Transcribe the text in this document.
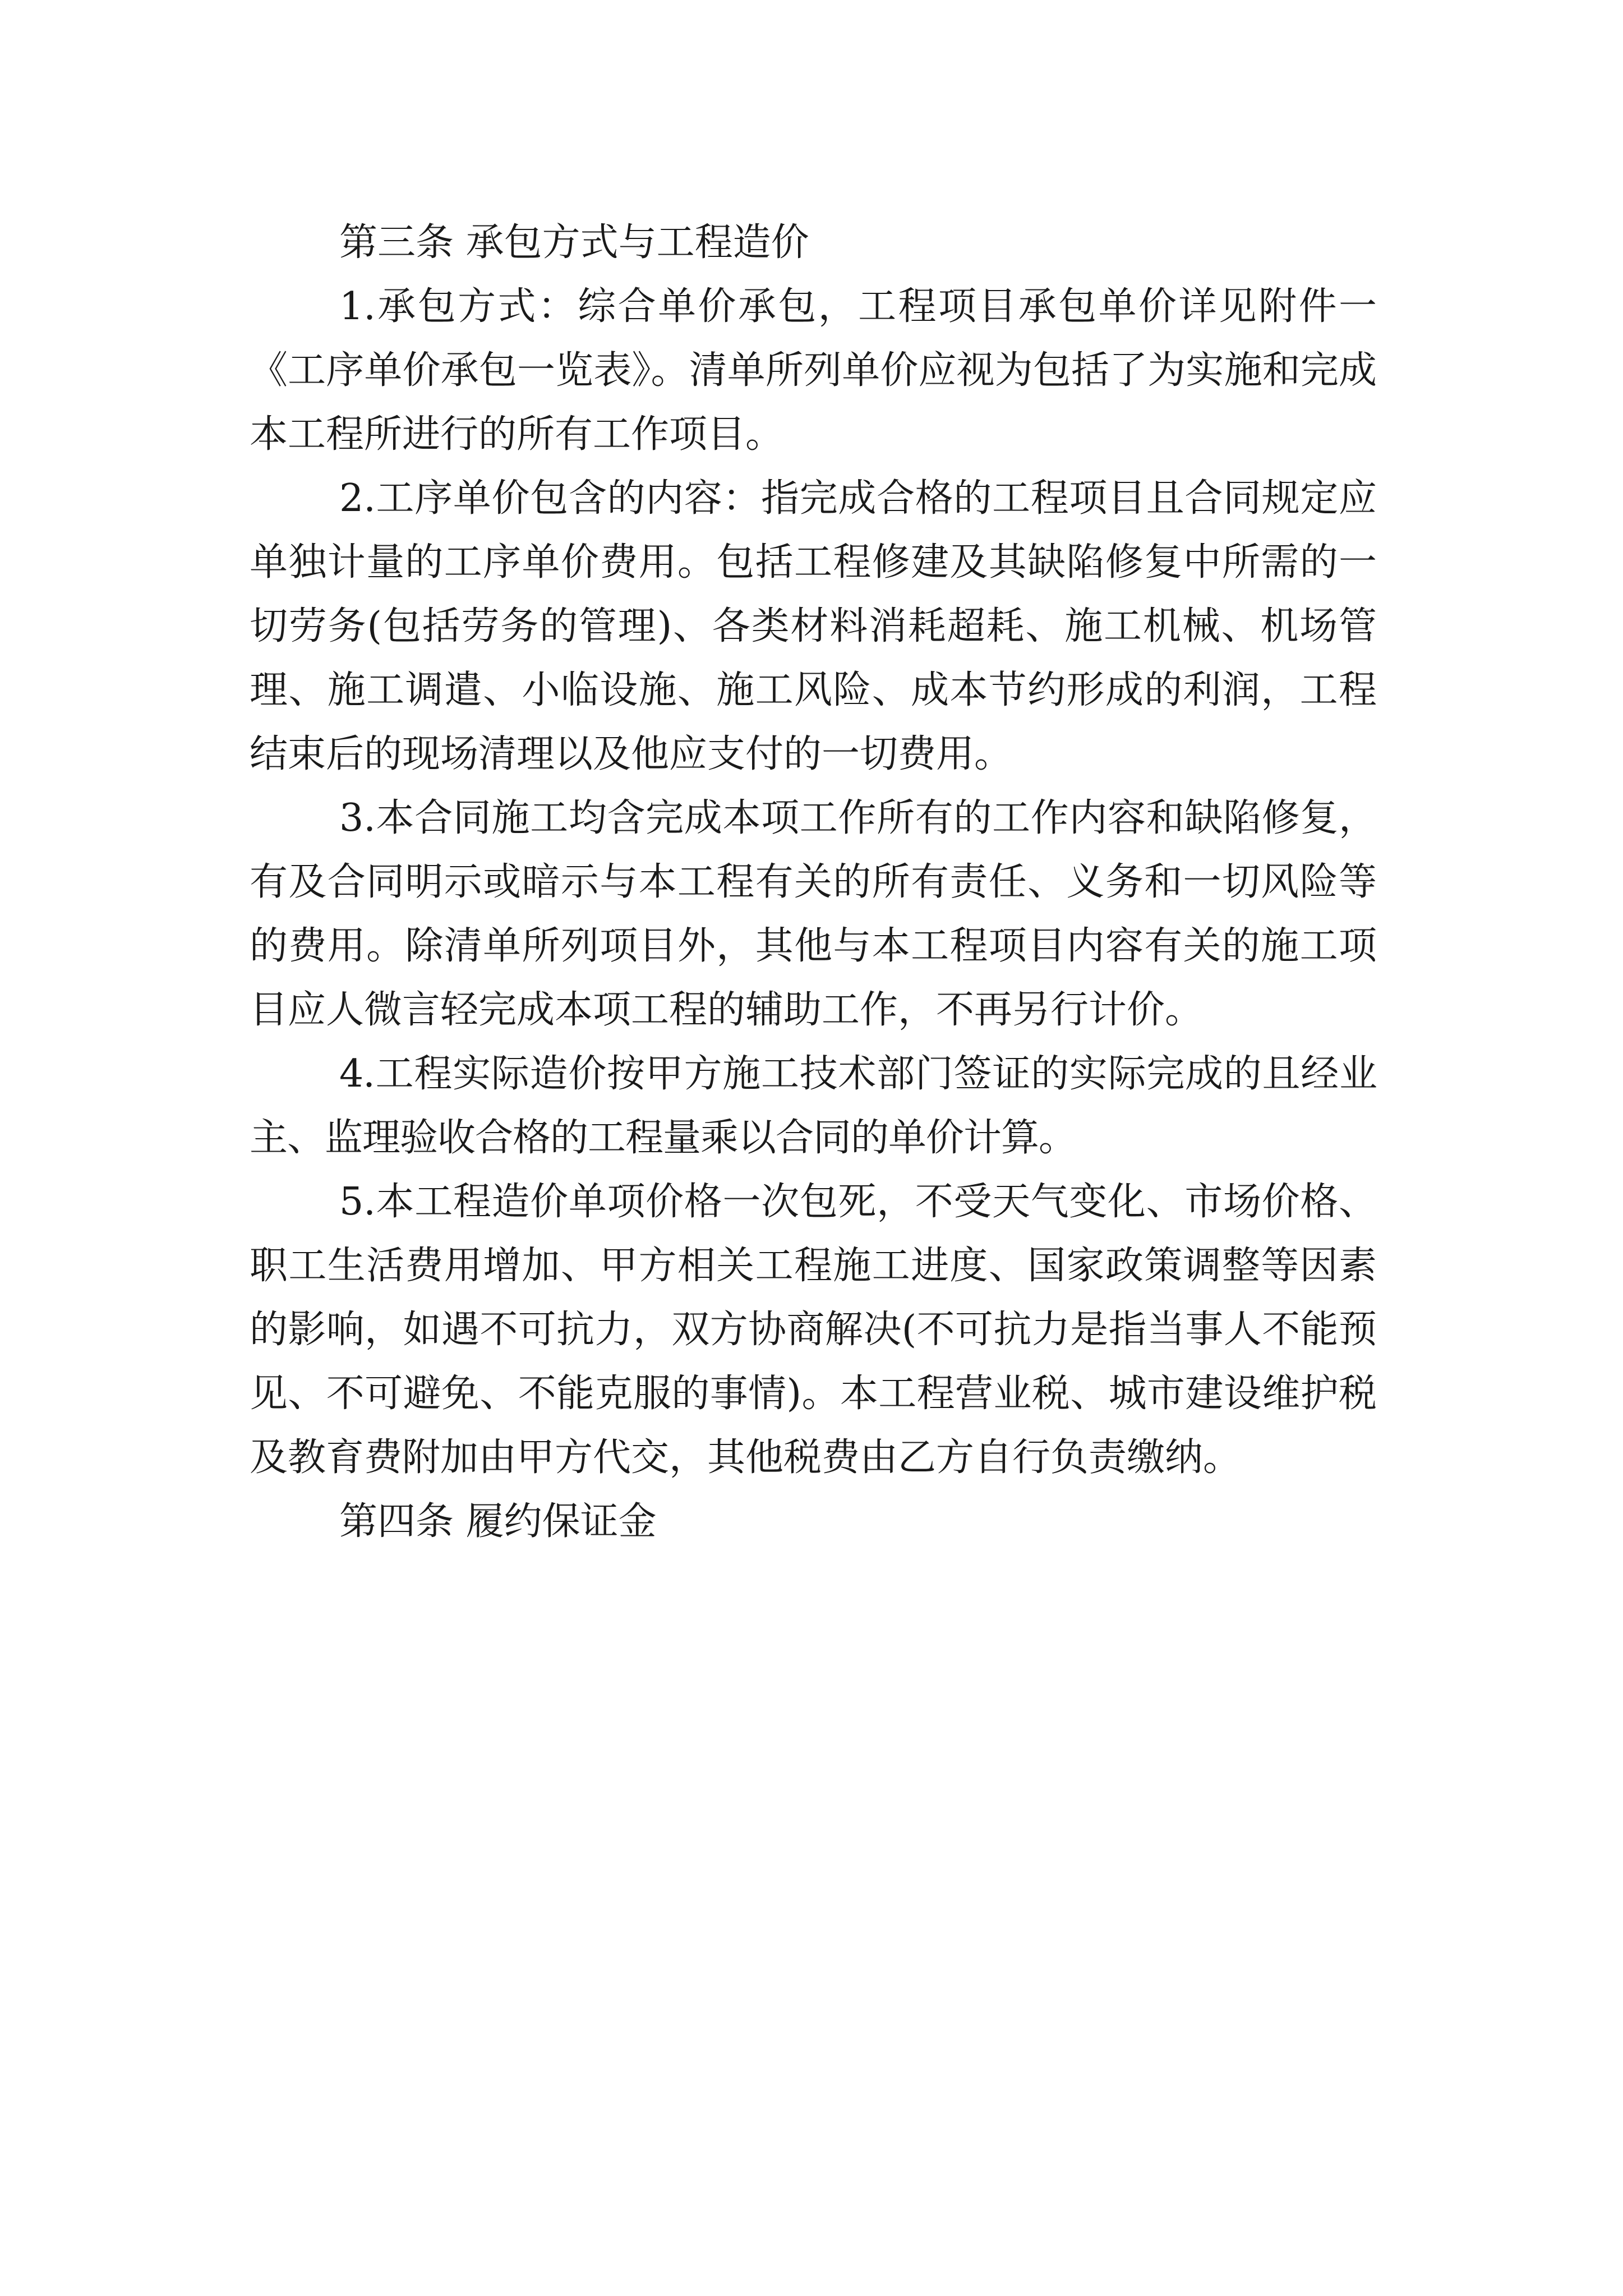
第三条 承包方式与工程造价

1.承包方式：综合单价承包，工程项目承包单价详见附件一《工序单价承包一览表》。清单所列单价应视为包括了为实施和完成本工程所进行的所有工作项目。

2.工序单价包含的内容：指完成合格的工程项目且合同规定应单独计量的工序单价费用。包括工程修建及其缺陷修复中所需的一切劳务(包括劳务的管理)、各类材料消耗超耗、施工机械、机场管理、施工调遣、小临设施、施工风险、成本节约形成的利润，工程结束后的现场清理以及他应支付的一切费用。

3.本合同施工均含完成本项工作所有的工作内容和缺陷修复，有及合同明示或暗示与本工程有关的所有责任、义务和一切风险等的费用。除清单所列项目外，其他与本工程项目内容有关的施工项目应人微言轻完成本项工程的辅助工作，不再另行计价。

4.工程实际造价按甲方施工技术部门签证的实际完成的且经业主、监理验收合格的工程量乘以合同的单价计算。

5.本工程造价单项价格一次包死，不受天气变化、市场价格、职工生活费用增加、甲方相关工程施工进度、国家政策调整等因素的影响，如遇不可抗力，双方协商解决(不可抗力是指当事人不能预见、不可避免、不能克服的事情)。本工程营业税、城市建设维护税及教育费附加由甲方代交，其他税费由乙方自行负责缴纳。

第四条 履约保证金
